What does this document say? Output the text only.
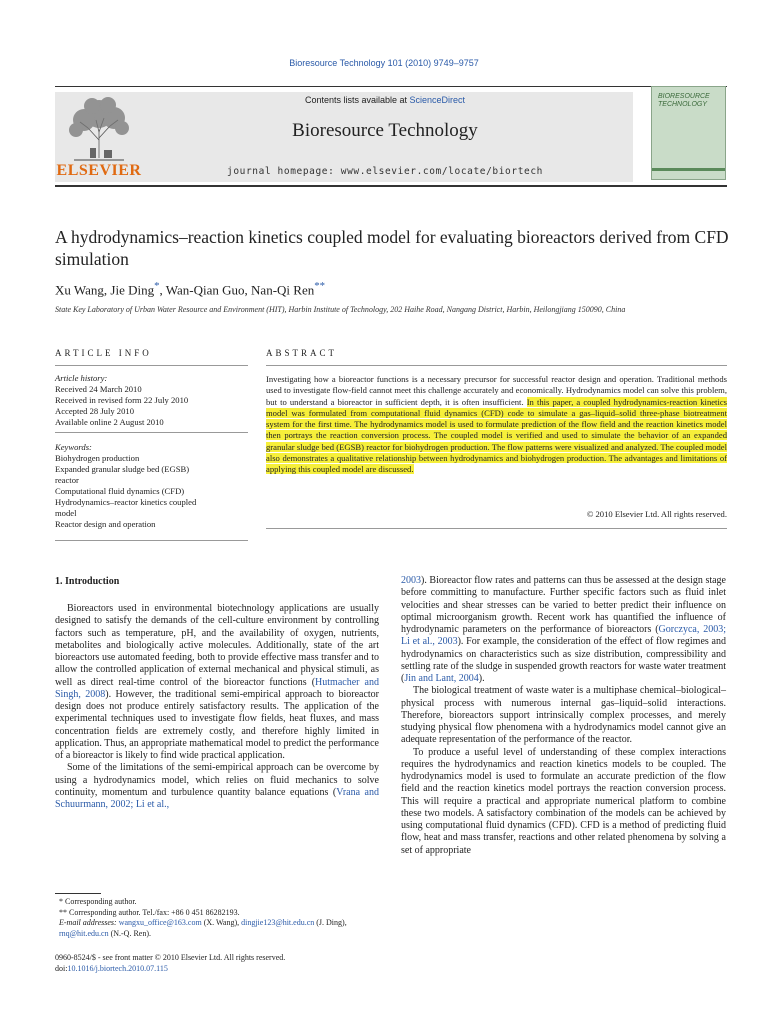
Bioresource Technology 101 (2010) 9749–9757
ELSEVIER
Contents lists available at ScienceDirect
Bioresource Technology
journal homepage: www.elsevier.com/locate/biortech
BIORESOURCE TECHNOLOGY
A hydrodynamics–reaction kinetics coupled model for evaluating bioreactors derived from CFD simulation
Xu Wang, Jie Ding*, Wan-Qian Guo, Nan-Qi Ren**
State Key Laboratory of Urban Water Resource and Environment (HIT), Harbin Institute of Technology, 202 Haihe Road, Nangang District, Harbin, Heilongjiang 150090, China
ARTICLE INFO
Article history:
Received 24 March 2010
Received in revised form 22 July 2010
Accepted 28 July 2010
Available online 2 August 2010
Keywords:
Biohydrogen production
Expanded granular sludge bed (EGSB)
reactor
Computational fluid dynamics (CFD)
Hydrodynamics–reactor kinetics coupled
model
Reactor design and operation
ABSTRACT
Investigating how a bioreactor functions is a necessary precursor for successful reactor design and operation. Traditional methods used to investigate flow-field cannot meet this challenge accurately and economically. Hydrodynamics model can solve this problem, but to understand a bioreactor in sufficient depth, it is often insufficient. In this paper, a coupled hydrodynamics-reaction kinetics model was formulated from computational fluid dynamics (CFD) code to simulate a gas–liquid–solid three-phase biotreatment system for the first time. The hydrodynamics model is used to formulate prediction of the flow field and the reaction kinetics model then portrays the reaction conversion process. The coupled model is verified and used to simulate the behavior of an expanded granular sludge bed (EGSB) reactor for biohydrogen production. The flow patterns were visualized and analyzed. The coupled model also demonstrates a qualitative relationship between hydrodynamics and biohydrogen production. The advantages and limitations of applying this coupled model are discussed.
© 2010 Elsevier Ltd. All rights reserved.
1. Introduction

Bioreactors used in environmental biotechnology applications are usually designed to satisfy the demands of the cell-culture environment by controlling factors such as temperature, pH, and the availability of oxygen, nutrients, metabolites and biologically active molecules. Additionally, state of the art bioreactors use automated feeding, both to provide effective mass transfer and to allow the controlled application of external mechanical and physical stimuli, as well as direct real-time control of the bioreactor functions (Hutmacher and Singh, 2008). However, the traditional semi-empirical approach to bioreactor design does not produce entirely satisfactory results. The application of the experimental techniques used to investigate flow fields, heat fluxes, and mass concentration fields are extremely costly, and therefore highly limited in application. Thus, an appropriate mathematical model to predict the performance of a bioreactor is likely to find wide practical application.

Some of the limitations of the semi-empirical approach can be overcome by using a hydrodynamics model, which relies on fluid mechanics to solve continuity, momentum and turbulence quantity balance equations (Vrana and Schuurmann, 2002; Li et al.,

2003). Bioreactor flow rates and patterns can thus be assessed at the design stage before committing to manufacture. Further specific factors such as fluid inlet velocities and shear stresses can be varied to better predict their influence on optimal microorganism growth. Recent work has quantified the influence of hydrodynamic parameters on the performance of bioreactors (Gorczyca, 2003; Li et al., 2003). For example, the consideration of the effect of flow regimes and hydrodynamics on characteristics such as size distribution, compressibility and settling rate of the sludge in suspended growth reactors for waste water treatment (Jin and Lant, 2004).

The biological treatment of waste water is a multiphase chemical–biological–physical process with numerous internal gas–liquid–solid interactions. Therefore, bioreactors support intrinsically complex processes, and merely studying physical flow phenomena with a hydrodynamics model cannot give an adequate representation of the performance of the reactor.

To produce a useful level of understanding of these complex interactions requires the hydrodynamics and reaction kinetics models to be coupled. The hydrodynamics model is used to formulate an accurate prediction of the flow field and the reaction kinetics model portrays the reaction conversion process. This will require a practical and appropriate numerical platform to combine these two models. A satisfactory combination of the models can be achieved by using computational fluid dynamics (CFD). CFD is a method of predicting fluid flow, heat and mass transfer, reactions and other related phenomena by solving a set of appropriate

* Corresponding author.
** Corresponding author. Tel./fax: +86 0 451 86282193.
E-mail addresses: wangxu_office@163.com (X. Wang), dingjie123@hit.edu.cn (J. Ding), rnq@hit.edu.cn (N.-Q. Ren).
0960-8524/$ - see front matter © 2010 Elsevier Ltd. All rights reserved.
doi:10.1016/j.biortech.2010.07.115
